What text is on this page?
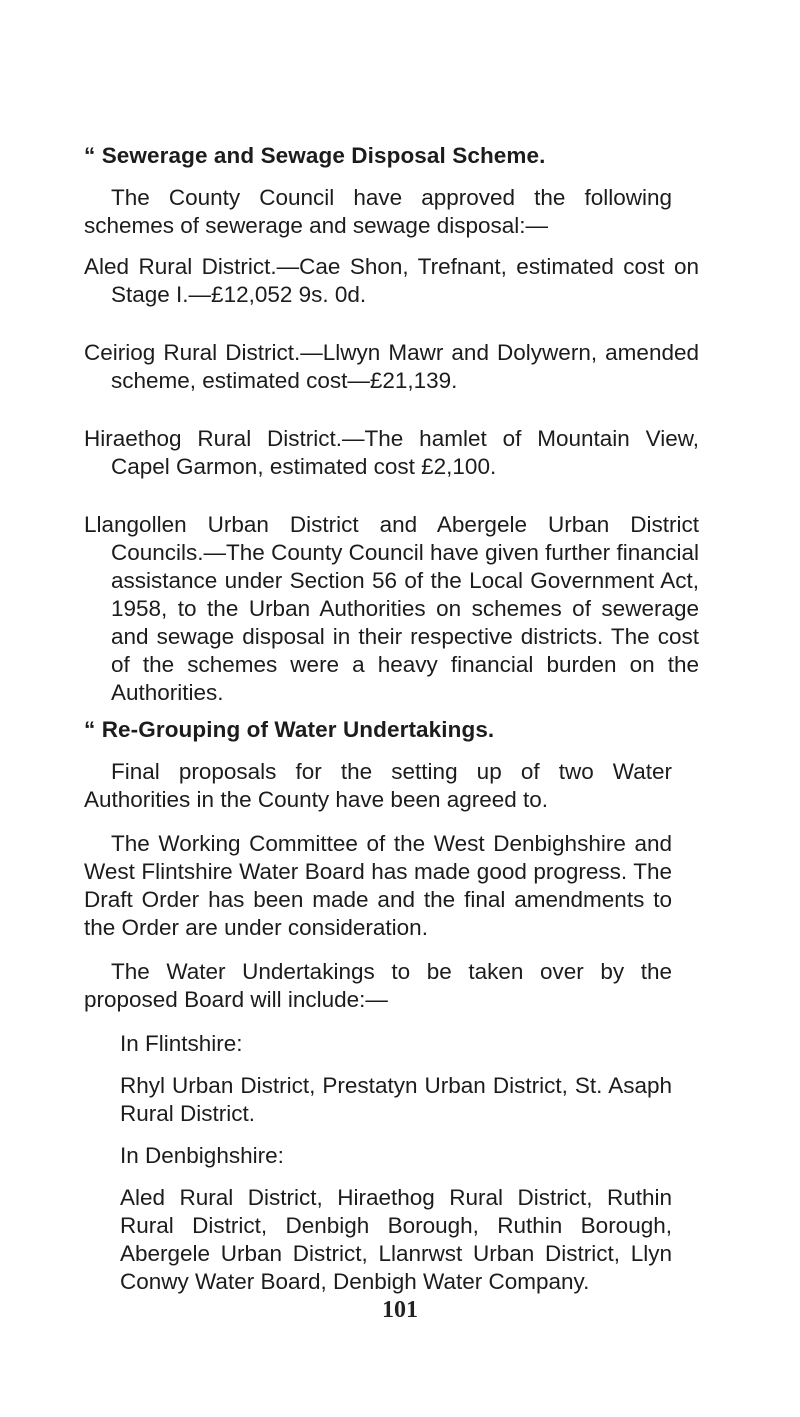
“ Sewerage and Sewage Disposal Scheme.
The County Council have approved the following schemes of sewerage and sewage disposal:—
Aled Rural District.—Cae Shon, Trefnant, estimated cost on Stage I.—£12,052 9s. 0d.
Ceiriog Rural District.—Llwyn Mawr and Dolywern, amended scheme, estimated cost—£21,139.
Hiraethog Rural District.—The hamlet of Mountain View, Capel Garmon, estimated cost £2,100.
Llangollen Urban District and Abergele Urban District Councils.—The County Council have given further financial assistance under Section 56 of the Local Government Act, 1958, to the Urban Authorities on schemes of sewerage and sewage disposal in their respective districts. The cost of the schemes were a heavy financial burden on the Authorities.
“ Re-Grouping of Water Undertakings.
Final proposals for the setting up of two Water Authorities in the County have been agreed to.
The Working Committee of the West Denbighshire and West Flintshire Water Board has made good progress. The Draft Order has been made and the final amendments to the Order are under consideration.
The Water Undertakings to be taken over by the proposed Board will include:—
In Flintshire:
Rhyl Urban District, Prestatyn Urban District, St. Asaph Rural District.
In Denbighshire:
Aled Rural District, Hiraethog Rural District, Ruthin Rural District, Denbigh Borough, Ruthin Borough, Abergele Urban District, Llanrwst Urban District, Llyn Conwy Water Board, Denbigh Water Company.
101
